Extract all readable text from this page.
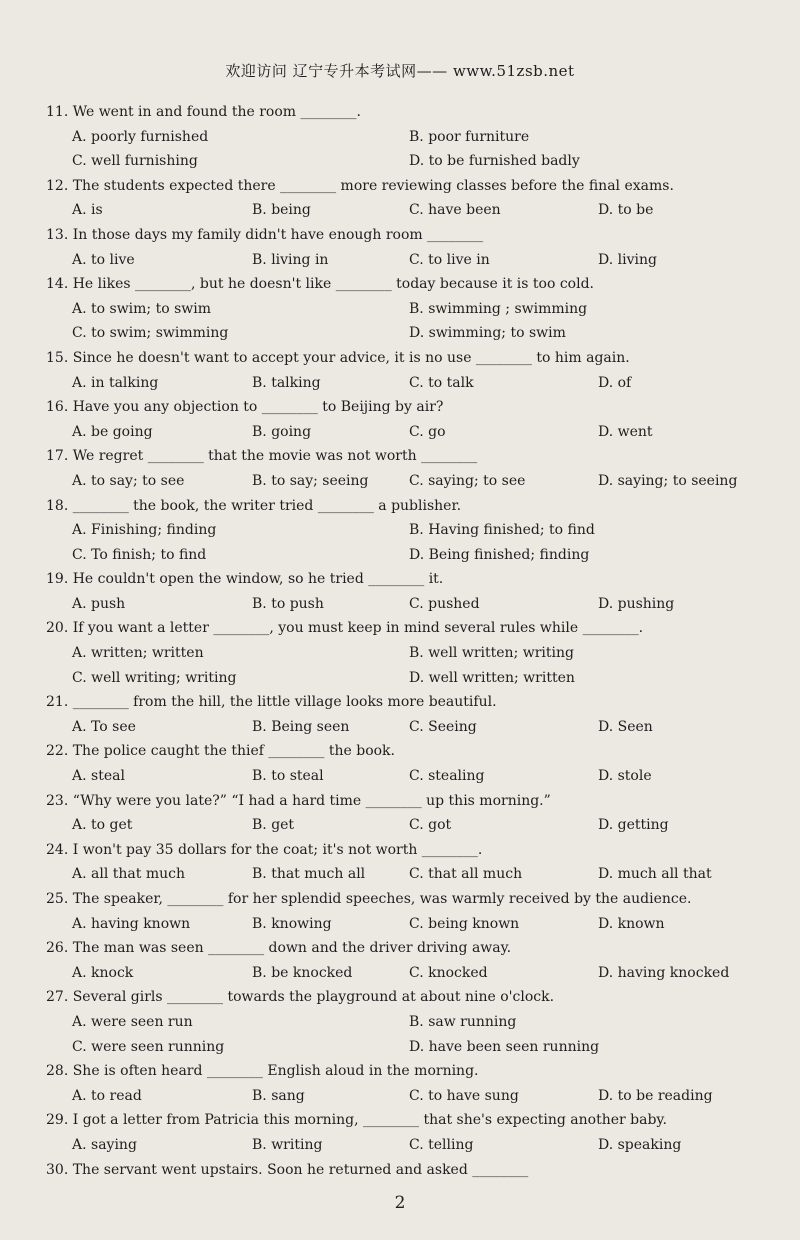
欢迎访问 辽宁专升本考试网—— www.51zsb.net
11. We went in and found the room ________.
A. poorly furnished	B. poor furniture
C. well furnishing	D. to be furnished badly
12. The students expected there ________ more reviewing classes before the final exams.
A. is	B. being	C. have been	D. to be
13. In those days my family didn't have enough room ________
A. to live	B. living in	C. to live in	D. living
14. He likes ________, but he doesn't like ________ today because it is too cold.
A. to swim; to swim	B. swimming ; swimming
C. to swim; swimming	D. swimming; to swim
15. Since he doesn't want to accept your advice, it is no use ________ to him again.
A. in talking	B. talking	C. to talk	D. of
16. Have you any objection to ________ to Beijing by air?
A. be going	B. going	C. go	D. went
17. We regret ________ that the movie was not worth ________
A. to say; to see	B. to say; seeing	C. saying; to see	D. saying; to seeing
18. ________ the book, the writer tried ________ a publisher.
A. Finishing; finding	B. Having finished; to find
C. To finish; to find	D. Being finished; finding
19. He couldn't open the window, so he tried ________ it.
A. push	B. to push	C. pushed	D. pushing
20. If you want a letter ________, you must keep in mind several rules while ________.
A. written; written	B. well written; writing
C. well writing; writing	D. well written; written
21. ________ from the hill, the little village looks more beautiful.
A. To see	B. Being seen	C. Seeing	D. Seen
22. The police caught the thief ________ the book.
A. steal	B. to steal	C. stealing	D. stole
23. “Why were you late?” “I had a hard time ________ up this morning.”
A. to get	B. get	C. got	D. getting
24. I won't pay 35 dollars for the coat; it's not worth ________.
A. all that much	B. that much all	C. that all much	D. much all that
25. The speaker, ________ for her splendid speeches, was warmly received by the audience.
A. having known	B. knowing	C. being known	D. known
26. The man was seen ________ down and the driver driving away.
A. knock	B. be knocked	C. knocked	D. having knocked
27. Several girls ________ towards the playground at about nine o'clock.
A. were seen run	B. saw running
C. were seen running	D. have been seen running
28. She is often heard ________ English aloud in the morning.
A. to read	B. sang	C. to have sung	D. to be reading
29. I got a letter from Patricia this morning, ________ that she's expecting another baby.
A. saying	B. writing	C. telling	D. speaking
30. The servant went upstairs. Soon he returned and asked ________
2
